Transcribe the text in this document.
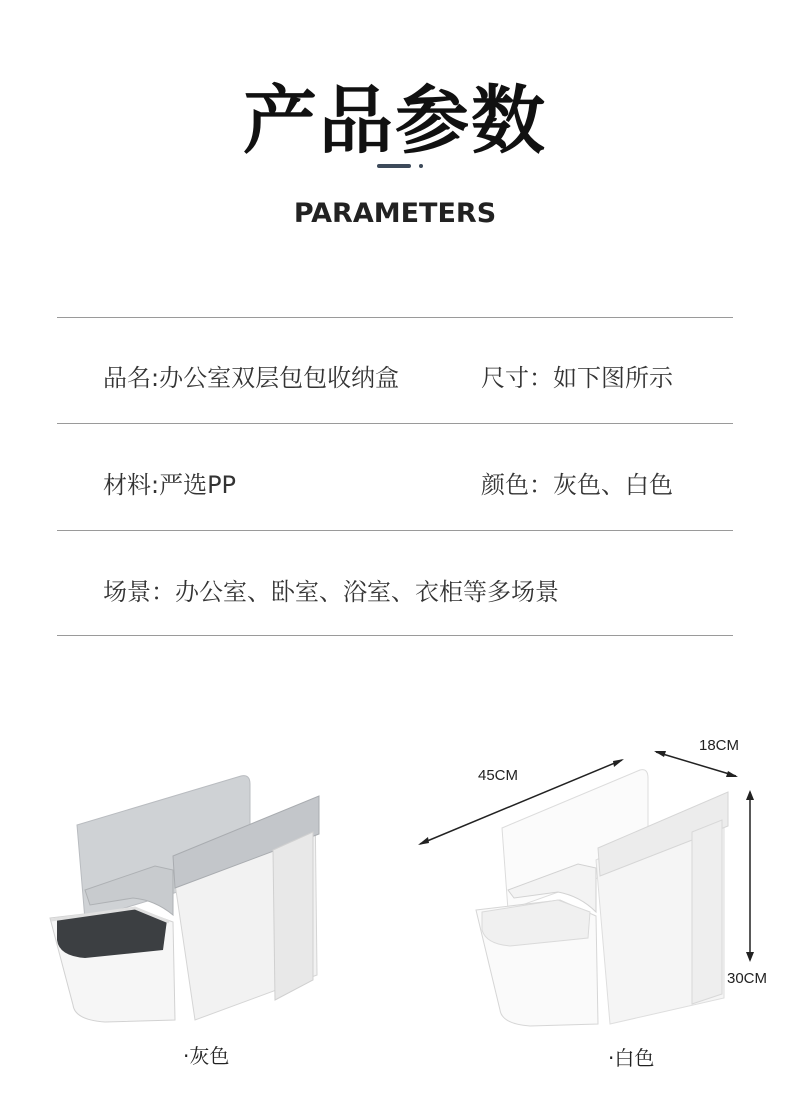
产品参数
PARAMETERS
品名:办公室双层包包收纳盒	尺寸：如下图所示
材料:严选PP	颜色：灰色、白色
场景：办公室、卧室、浴室、衣柜等多场景
45CM
18CM
30CM
·灰色	·白色
